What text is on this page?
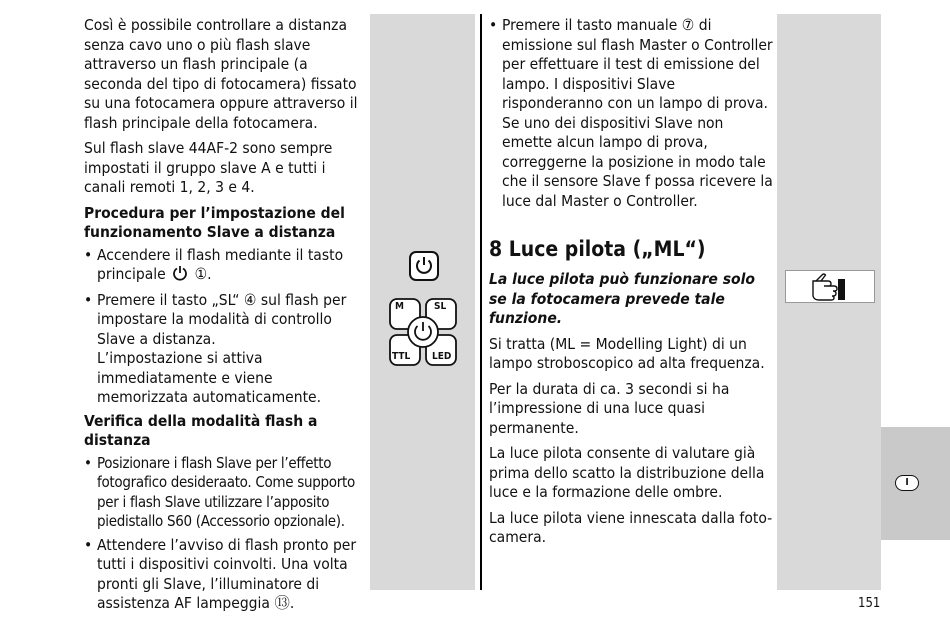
I

Così è possibile controllare a distanza senza cavo uno o più flash slave attraverso un flash principale (a seconda del tipo di fotocamera) fissato su una fotocamera oppure attraverso il flash principale della fotocamera.

Sul flash slave 44AF-2 sono sempre impostati il gruppo slave A e tutti i canali remoti 1, 2, 3 e 4.

Procedura per l’impostazione del funzionamento Slave a distanza
• Accendere il flash mediante il tasto principale ①.
• Premere il tasto „SL“ ④ sul flash per impostare la modalità di controllo Slave a distanza.
L’impostazione si attiva immediatamente e viene memorizzata automaticamente.
Verifica della modalità flash a distanza
• Posizionare i flash Slave per l’effetto fotografico desideraato. Come supporto per i flash Slave utilizzare l’apposito piedistallo S60 (Accessorio opzionale).
• Attendere l’avviso di flash pronto per tutti i dispositivi coinvolti. Una volta pronti gli Slave, l’illuminatore di assistenza AF lampeggia ⑬.
M	SL
TTL LED
• Premere il tasto manuale ⑦ di emissione sul flash Master o Controller per effettuare il test di emissione del lampo. I dispositivi Slave risponderanno con un lampo di prova. Se uno dei dispositivi Slave non emette alcun lampo di prova, correggerne la posizione in modo tale che il sensore Slave f possa ricevere la luce dal Master o Controller.
8 Luce pilota („ML“)

La luce pilota può funzionare solo se la fotocamera prevede tale funzione.

Si tratta (ML = Modelling Light) di un lampo stroboscopico ad alta frequenza.

Per la durata di ca. 3 secondi si ha l’impressione di una luce quasi permanente.

La luce pilota consente di valutare già prima dello scatto la distribuzione della luce e la formazione delle ombre.

La luce pilota viene innescata dalla foto-camera.

151
